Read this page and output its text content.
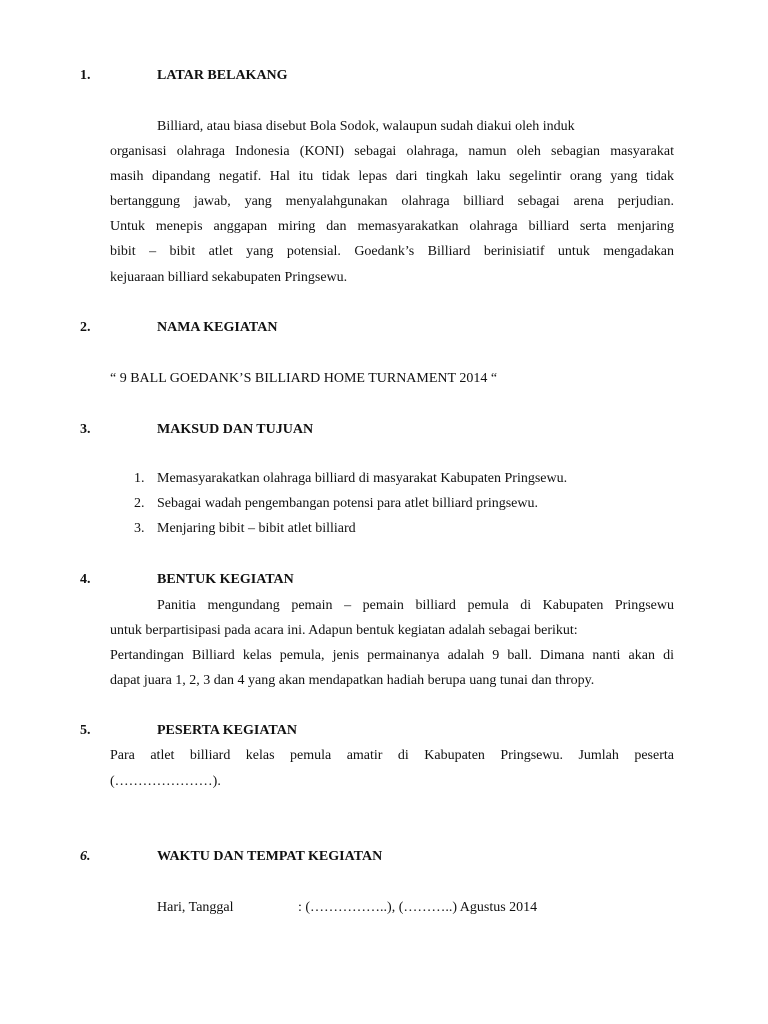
1.	LATAR BELAKANG
Billiard, atau biasa disebut Bola Sodok, walaupun sudah diakui oleh induk
organisasi olahraga Indonesia (KONI) sebagai olahraga, namun oleh sebagian masyarakat
masih dipandang negatif. Hal itu tidak lepas dari tingkah laku segelintir orang yang tidak
bertanggung jawab, yang menyalahgunakan olahraga billiard sebagai arena perjudian.
Untuk menepis anggapan miring dan memasyarakatkan olahraga billiard serta menjaring
bibit – bibit atlet yang potensial. Goedank’s Billiard berinisiatif untuk mengadakan
kejuaraan billiard sekabupaten Pringsewu.
2.	NAMA KEGIATAN
“ 9 BALL GOEDANK’S BILLIARD HOME TURNAMENT 2014 “
3.	MAKSUD DAN TUJUAN
1. Memasyarakatkan olahraga billiard di masyarakat Kabupaten Pringsewu.
2. Sebagai wadah pengembangan potensi para atlet billiard pringsewu.
3. Menjaring bibit – bibit atlet billiard
4.	BENTUK KEGIATAN
Panitia mengundang pemain – pemain billiard pemula di Kabupaten Pringsewu
untuk berpartisipasi pada acara ini. Adapun bentuk kegiatan adalah sebagai berikut:
Pertandingan Billiard kelas pemula, jenis permainanya adalah 9 ball. Dimana nanti akan di
dapat juara 1, 2, 3 dan 4 yang akan mendapatkan hadiah berupa uang tunai dan thropy.
5.	PESERTA KEGIATAN
Para atlet billiard kelas pemula amatir di Kabupaten Pringsewu. Jumlah peserta
(…………………).
6.	WAKTU DAN TEMPAT KEGIATAN
Hari, Tanggal	: (……………..), (………..) Agustus 2014
